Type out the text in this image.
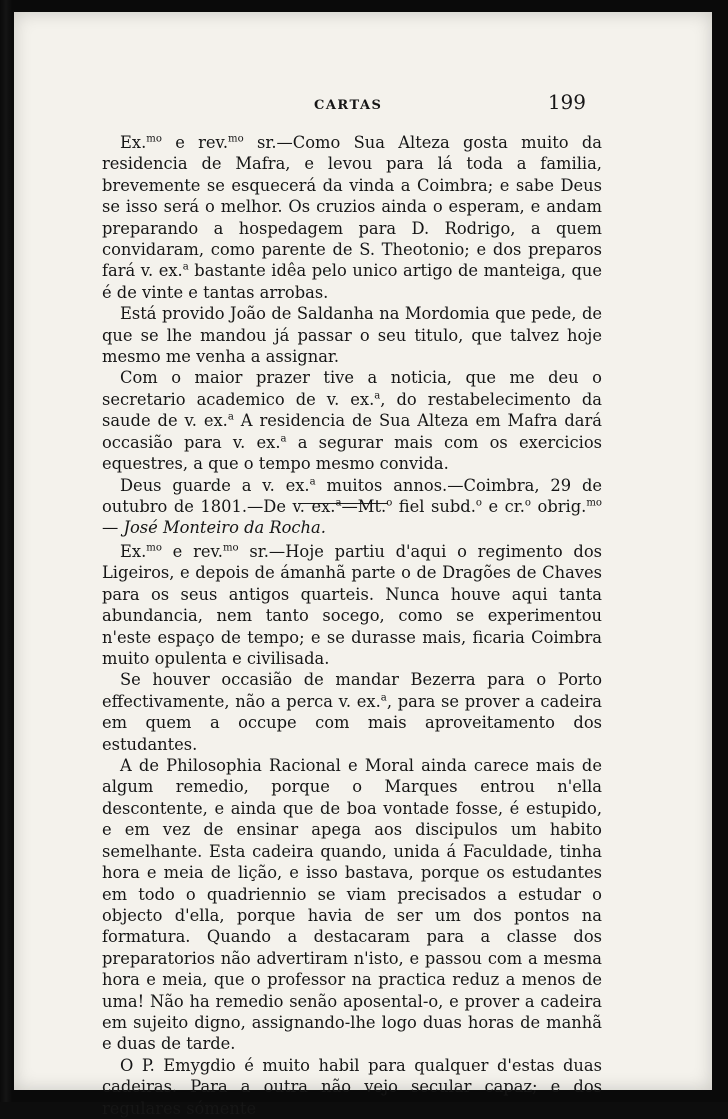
CARTAS	199

Ex.$^{mo}$ e rev.$^{mo}$ sr.—Como Sua Alteza gosta muito da residencia de Mafra, e levou para lá toda a familia, brevemente se esquecerá da vinda a Coimbra; e sabe Deus se isso será o melhor. Os cruzios ainda o esperam, e andam preparando a hospedagem para D. Rodrigo, a quem convidaram, como parente de S. Theotonio; e dos preparos fará v. ex.$^a$ bastante idêa pelo unico artigo de manteiga, que é de vinte e tantas arrobas.

Está provido João de Saldanha na Mordomia que pede, de que se lhe mandou já passar o seu titulo, que talvez hoje mesmo me venha a assignar.

Com o maior prazer tive a noticia, que me deu o secretario academico de v. ex.$^a$, do restabelecimento da saude de v. ex.$^a$ A residencia de Sua Alteza em Mafra dará occasião para v. ex.$^a$ a segurar mais com os exercicios equestres, a que o tempo mesmo convida.

Deus guarde a v. ex.$^a$ muitos annos.—Coimbra, 29 de outubro de 1801.—De v. ex.$^a$—Mt.$^o$ fiel subd.$^o$ e cr.$^o$ obrig.$^{mo}$ — José Monteiro da Rocha.

Ex.$^{mo}$ e rev.$^{mo}$ sr.—Hoje partiu d'aqui o regimento dos Ligeiros, e depois de ámanhã parte o de Dragões de Chaves para os seus antigos quarteis. Nunca houve aqui tanta abundancia, nem tanto socego, como se experimentou n'este espaço de tempo; e se durasse mais, ficaria Coimbra muito opulenta e civilisada.

Se houver occasião de mandar Bezerra para o Porto effectivamente, não a perca v. ex.$^a$, para se prover a cadeira em quem a occupe com mais aproveitamento dos estudantes.

A de Philosophia Racional e Moral ainda carece mais de algum remedio, porque o Marques entrou n'ella descontente, e ainda que de boa vontade fosse, é estupido, e em vez de ensinar apega aos discipulos um habito semelhante. Esta cadeira quando, unida á Faculdade, tinha hora e meia de lição, e isso bastava, porque os estudantes em todo o quadriennio se viam precisados a estudar o objecto d'ella, porque havia de ser um dos pontos na formatura. Quando a destacaram para a classe dos preparatorios não advertiram n'isto, e passou com a mesma hora e meia, que o professor na practica reduz a menos de uma! Não ha remedio senão aposental-o, e prover a cadeira em sujeito digno, assignando-lhe logo duas horas de manhã e duas de tarde.

O P. Emygdio é muito habil para qualquer d'estas duas cadeiras. Para a outra não vejo secular capaz; e dos regulares sómente
